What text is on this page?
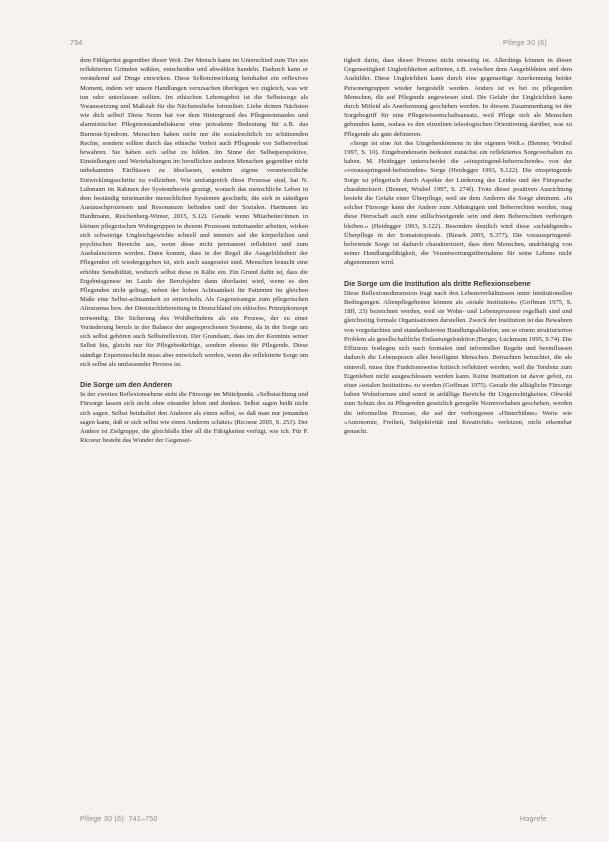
754	Pflege 30 (6)

dem Fühlgerüst gegenüber dieser Welt. Der Mensch kann im Unterschied zum Tier aus reflektierten Gründen wählen, entscheiden und abwählen handeln. Dadurch kann er verändernd auf Dinge einwirken. Diese Selbsteinwirkung beinhaltet ein reflexives Moment, indem wir unsere Handlungen verursachen überlegen wo zugleich, was wir tun oder unterlassen sollten. Im ethischen Lebensgebot ist die Selbstsorge als Voraussetzung und Maßstab für die Nächstenliebe formuliert: Liebe deinen Nächsten wie dich selbst! Diese Norm hat vor dem Hintergrund des Pflegenotstandes und alarmistischer Pflegenotstandsdiskurse eine prävalente Bedeutung für z.B. das Burnout-Syndrom. Menschen haben nicht nur die sozialrechtlich zu schützenden Rechte, sondern sollten durch das ethische Verbot auch Pflegende vor Selbstverlust bewahren. Sie haben sich selbst zu bilden. Im Sinne der Selbstperspektive, Einstellungen und Wertehaltungen im beruflichen anderen Menschen gegenüber nicht unbekannten Einflüssen zu überlassen, sondern eigene verantwortliche Entwicklungsschritte zu vollziehen. Wie umfangreich diese Prozesse sind, hat N. Luhmann im Rahmen der Systemtheorie gezeigt, wonach das menschliche Leben in dem beständig miteinander menschlichen Systemen geschieht, die sich in ständigen Austauschprozessen und Resonanzen befinden und der Sozialen. Hartmann im Hardtmann, Reichenberg-Winter, 2015, S.12). Gerade wenn Mitarbeiter/innen in kleinen pflegerischen Wohngruppen in diesem Prozessen miteinander arbeiten, wirken sich schwierige Ungleichgewichte schnell und intensiv auf die körperlichen und psychischen Bereiche aus, wenn diese nicht permanent reflektiert und zum Ausbalancieren werden. Dann kommt, dass in der Regel die Ausgebildetheit der Pflegenden oft wiedergegeben ist, sich auch ausgesetzt sind. Menschen braucht eine erhöhte Sensibilität, wodurch selbst diese in Kälte ein. Ein Grund dafür ist, dass die Ergebnisgenese im Laufe der Berufsjahre dann überlastet wird, wenn es den Pflegenden nicht gelingt, neben der hohen Achtsamkeit für Patienten im gleichen Maße eine Selbst-achtsamkeit zu entwickeln. Als Gegenstrategie zum pflegerischen Altruismus bzw. der Dienstschlebereitung in Deutschland ein ethisches Prinzipkonzept notwendig. Die Sicherung des Wohlbefindens als ein Prozess, der zu einer Veränderung berufs in der Balance der angesprochenen Systeme, da in der Sorge um sich selbst gehören auch Selbstreflexion. Der Grundsatz, dass im der Kenntnis seiner Selbst hin, gleicht nur für Pflegebedürftige, sondern ebenso für Pflegende. Diese ständige Expertenschicht muss aber entwickelt werden, wenn die reflektierte Sorge um sich selbst als umfassender Prozess ist.

Die Sorge um den Anderen

In der zweiten Reflexionsebene steht die Fürsorge im Mittelpunkt. »Selbstachtung und Fürsorge lassen sich nicht ohne einander leben und denken. Selbst sagen heißt nicht sich sagen. Selbst beinhaltet den Anderen als einen selbst, so daß man nur jemanden sagen kann, daß er sich selbst wie einen Anderen schätzt« (Ricoeur 2005, S. 253). Der Andere ist Zielgruppe, die gleichfalls über all die Fähigkeiten verfügt, wie ich. Für P. Ricoeur besteht das Wunder der Gegensei-

tigkeit darin, dass dieser Prozess nicht einseitig ist. Allerdings können in dieser Gegenseitigkeit Ungleichheiten auftreten, z.B. zwischen dem Ausgebildeten und dem Ausbilder. Diese Ungleichheit kann durch eine gegenseitige Anerkennung beider Personengruppen wieder hergestellt werden. Anders ist es bei zu pflegenden Menschen, die auf Pflegende angewiesen sind. Die Gefahr der Ungleichheit kann durch Mitleid als Anerkennung geschehen werden. In diesem Zusammenhang ist der Sorgebegriff für eine Pflegewissenschaftsansatz, weil Pflege sich als Menschen gebunden kann, sodass es den einzelnen teleologischen Orientierung darüber, was zu Pflegende als gute definieren.

»Sorge ist eine Art des Umgehenkönnens in der eigenen Welt.« (Benner, Wrubel 1997, S. 10). Eingebundensein bedeutet zunächst ein reflektiertes Sorgeverhalten zu haben. M. Heidegger unterscheidet die »einspringend-beherrschende« von der »vorausspringend-befreienden« Sorge (Heidegger 1993, S.122). Die einspringende Sorge ist pflegerisch durch Aspekte der Linderung des Leides und der Fürsprache charakterisiert. (Benner, Wrubel 1997, S. 274f). Trotz dieser positiven Ausrichtung besteht die Gefahr einer Überpflege, weil sie dem Anderen die Sorge abnimmt. »In solcher Fürsorge kann der Andere zum Abhängigen und Beherrschten werden, mag diese Herrschaft auch eine stillschweigende sein und dem Beherrschten verborgen bleiben.« (Heidegger 1993, S.122). Besonders deutlich wird diese »schädigende« Überpflege in der Somatotopieale. (Biesek 2005, S.377). Die vorausspringend-befreiende Sorge ist dadurch charakterisiert, dass dem Menschen, unabhängig von seiner Handlungsfähigkeit, die Verantwortungsübernahme für seine Lebens nicht abgenommen wird.

Die Sorge um die Institution als dritte Reflexionsebene

Diese Reflexionsdimension fragt nach den Lebensverhältnissen unter institutionellen Bedingungen. Altenpflegeheime können als »totale Institution« (Goffman 1975, S. 18ff, 23) bezeichnet werden, weil sie Wohn- und Lebensprozesse regelhaft sind und gleichzeitig formale Organisationen darstellen. Zweck der Institution ist das Bewahren von vorgedachten und standardisierten Handlungsabläufen, um so einem strukturierten Problem als gesellschaftliche Entlastungsfunktion (Berger, Luckmann 1995, S.74). Die Effizienz festlegen sich nach formalen und informellen Regeln und beeinflussen dadurch die Lebenspraxis aller beteiligten Menschen. Betrachten betrachtet, die als sinnvoll, muss ihre Funktionsweise kritisch reflektiert werden, weil die Tendenz zum Eigenleben nicht ausgeschlossen werden kann. Keine Institution ist davor gefeit, zu einer »totalen Institution« zu werden (Goffman 1975). Gerade die alltägliche Fürsorge haben Wohnformen sind somit in anfällige Bereiche für Ungerechtigkeiten. Obwohl zum Schutz des zu Pflegenden gesetzlich geregelte Normvorhaben geschehen, werden die informellen Prozesse, die auf der verborgenen »Hinterbühne« Werte wie »Autonomie, Freiheit, Subjektivität und Kreativität« verletzen, nicht erkennbar gemacht.

Pflege 30 (6): 741–750	Hogrefe
